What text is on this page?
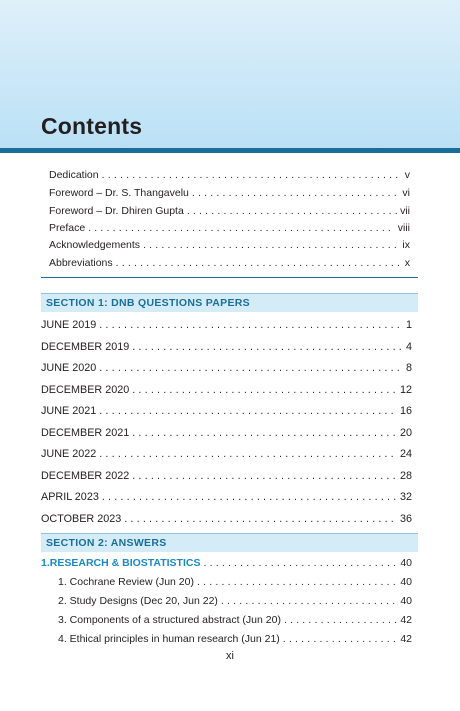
Contents
Dedication .....	v
Foreword – Dr. S. Thangavelu .....	vi
Foreword – Dr. Dhiren Gupta .....	vii
Preface .....	viii
Acknowledgements .....	ix
Abbreviations .....	x
SECTION 1: DNB QUESTIONS PAPERS
JUNE 2019 .....	1
DECEMBER 2019 .....	4
JUNE 2020 .....	8
DECEMBER 2020 .....	12
JUNE 2021 .....	16
DECEMBER 2021 .....	20
JUNE 2022 .....	24
DECEMBER 2022 .....	28
APRIL 2023 .....	32
OCTOBER 2023 .....	36
SECTION 2: ANSWERS
1. RESEARCH & BIOSTATISTICS .....	40
1. Cochrane Review (Jun 20) .....	40
2. Study Designs (Dec 20, Jun 22) .....	40
3. Components of a structured abstract (Jun 20) .....	42
4. Ethical principles in human research (Jun 21) .....	42
xi
